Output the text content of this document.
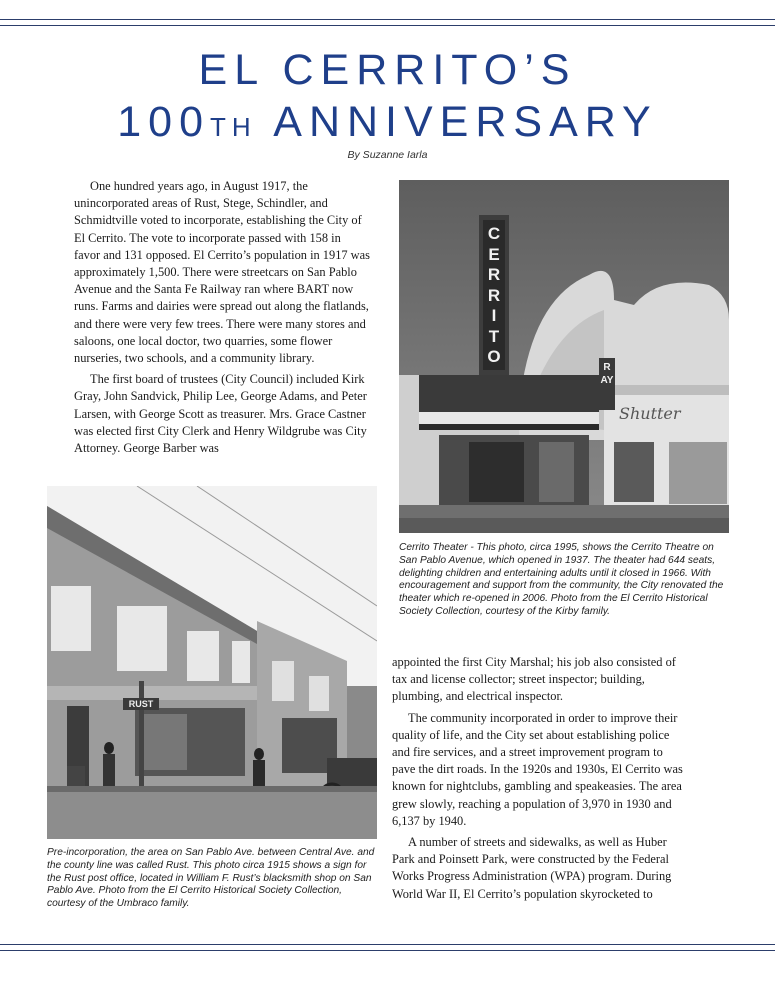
EL CERRITO’S
100TH ANNIVERSARY
By Suzanne Iarla

One hundred years ago, in August 1917, the unincorporated areas of Rust, Stege, Schindler, and Schmidtville voted to incorporate, establishing the City of El Cerrito. The vote to incorporate passed with 158 in favor and 131 opposed. El Cerrito’s population in 1917 was approximately 1,500. There were streetcars on San Pablo Avenue and the Santa Fe Railway ran where BART now runs. Farms and dairies were spread out along the flatlands, and there were very few trees. There were many stores and saloons, one local doctor, two quarries, some flower nurseries, two schools, and a community library.

The first board of trustees (City Council) included Kirk Gray, John Sandvick, Philip Lee, George Adams, and Peter Larsen, with George Scott as treasurer. Mrs. Grace Castner was elected first City Clerk and Henry Wildgrube was City Attorney. George Barber was

C
E
R
R
I
T
O
RAY
Shutter
Cerrito Theater - This photo, circa 1995, shows the Cerrito Theatre on San Pablo Avenue, which opened in 1937. The theater had 644 seats, delighting children and entertaining adults until it closed in 1966. With encouragement and support from the community, the City renovated the theater which re-opened in 2006. Photo from the El Cerrito Historical Society Collection, courtesy of the Kirby family.
RUST
Pre-incorporation, the area on San Pablo Ave. between Central Ave. and the county line was called Rust. This photo circa 1915 shows a sign for the Rust post office, located in William F. Rust’s blacksmith shop on San Pablo Ave. Photo from the El Cerrito Historical Society Collection, courtesy of the Umbraco family.

appointed the first City Marshal; his job also consisted of tax and license collector; street inspector; building, plumbing, and electrical inspector.

The community incorporated in order to improve their quality of life, and the City set about establishing police and fire services, and a street improvement program to pave the dirt roads. In the 1920s and 1930s, El Cerrito was known for nightclubs, gambling and speakeasies. The area grew slowly, reaching a population of 3,970 in 1930 and 6,137 by 1940.

A number of streets and sidewalks, as well as Huber Park and Poinsett Park, were constructed by the Federal Works Progress Administration (WPA) program. During World War II, El Cerrito’s population skyrocketed to
